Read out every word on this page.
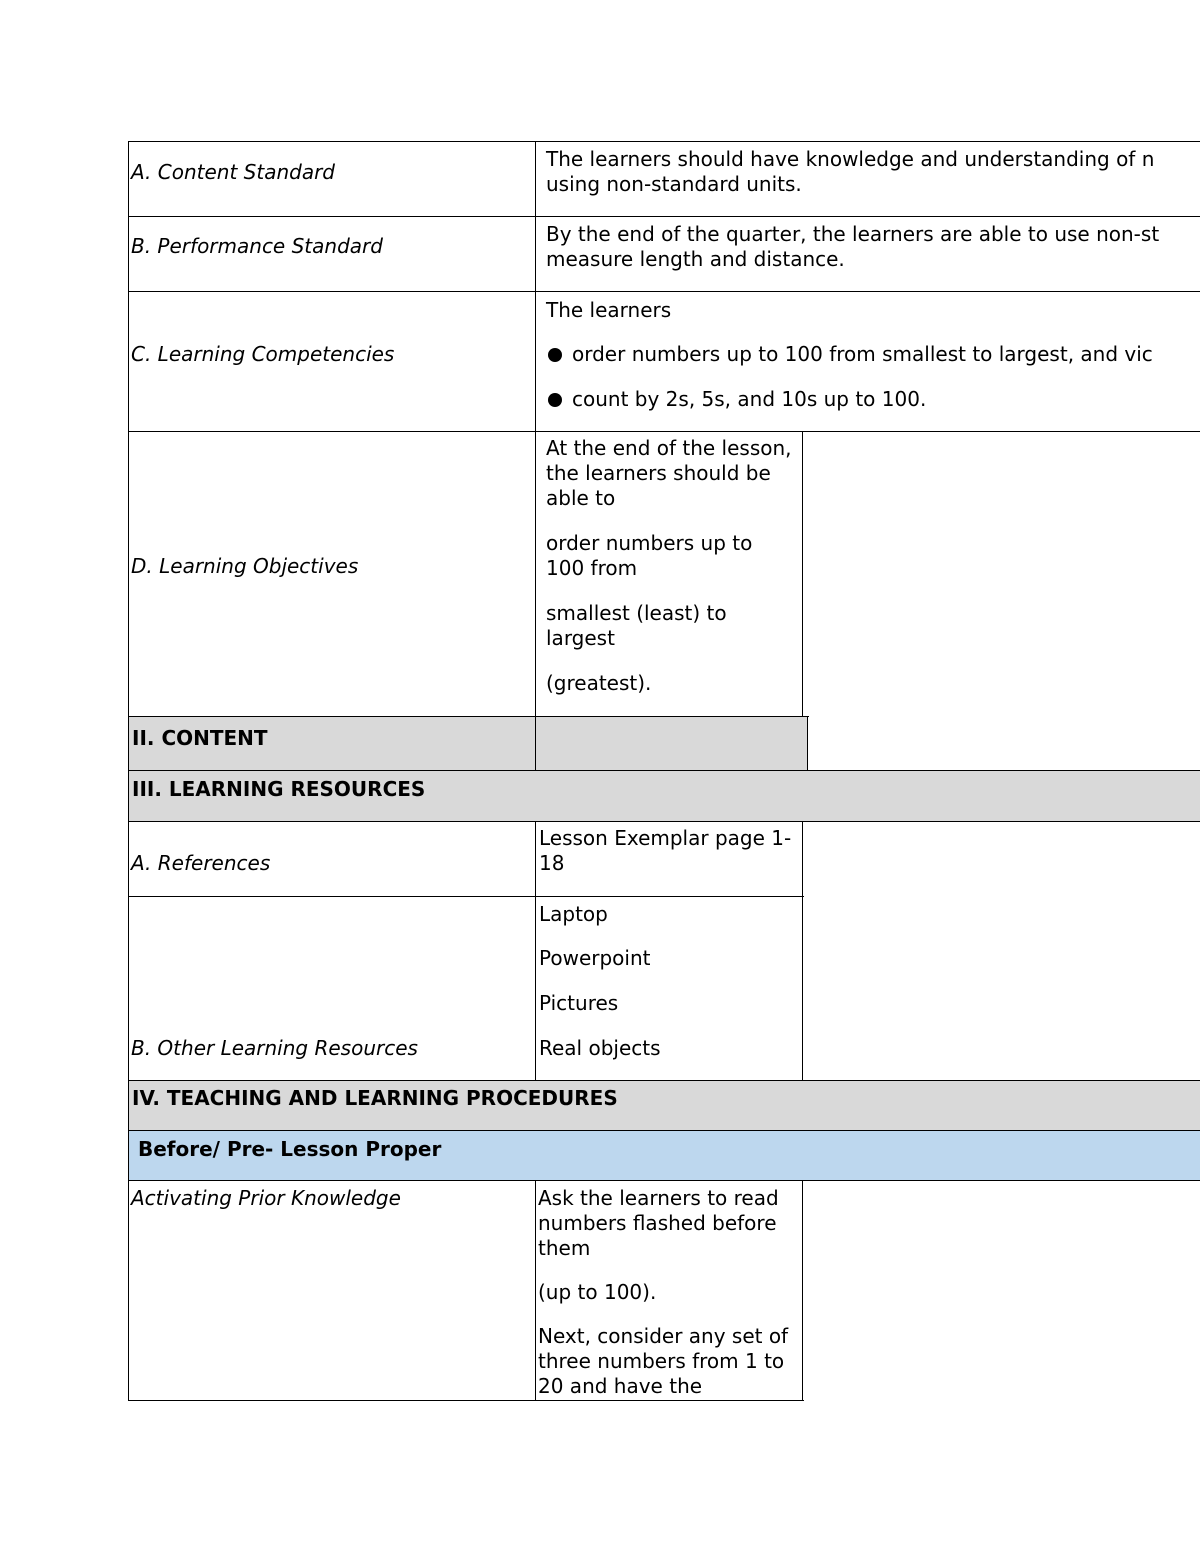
A. Content Standard
The learners should have knowledge and understanding of n
using non-standard units.
B. Performance Standard	By the end of the quarter, the learners are able to use non-st
measure length and distance.
C. Learning Competencies
The learners
order numbers up to 100 from smallest to largest, and vic
count by 2s, 5s, and 10s up to 100.
D. Learning Objectives

At the end of the lesson, the learners should be able to

order numbers up to 100 from

smallest (least) to largest

(greatest).

II. CONTENT
III. LEARNING RESOURCES
A. References
Lesson Exemplar page 1-18
B. Other Learning Resources
Laptop
Powerpoint
Pictures
Real objects
IV. TEACHING AND LEARNING PROCEDURES
Before/ Pre- Lesson Proper
Activating Prior Knowledge	Ask the learners to read numbers flashed before them

(up to 100).

Next, consider any set of three numbers from 1 to 20 and have the
